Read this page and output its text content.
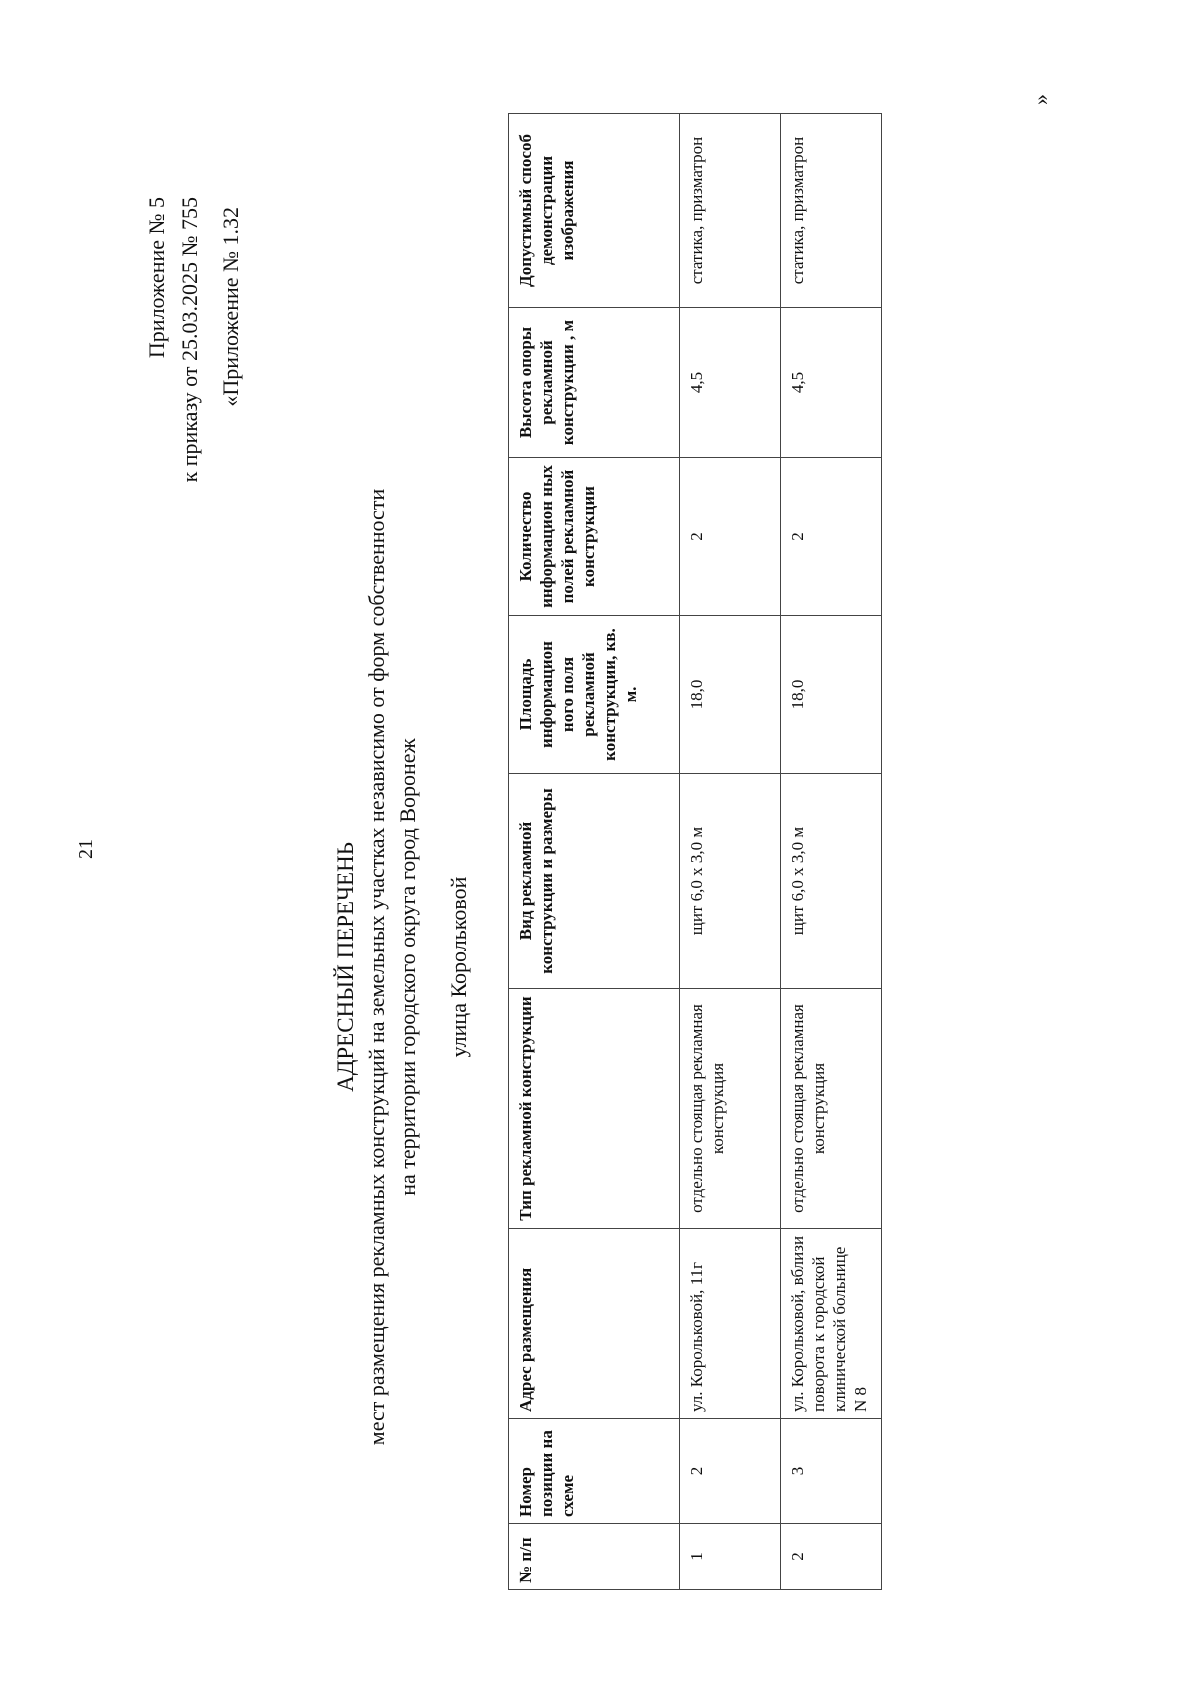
21
Приложение № 5 к приказу от 25.03.2025 № 755 «Приложение № 1.32
АДРЕСНЫЙ ПЕРЕЧЕНЬ мест размещения рекламных конструкций на земельных участках независимо от форм собственности на территории городского округа город Воронеж улица Корольковой
№ п/п	Номер позиции на схеме	Адрес размещения	Тип рекламной конструкции	Вид рекламной конструкции и размеры	Площадь информацион ного поля рекламной конструкции, кв. м.	Количество информацион ных полей рекламной конструкции	Высота опоры рекламной конструкции , м	Допустимый способ демонстрации изображения
1	2	ул. Корольковой, 11г	отдельно стоящая рекламная конструкция	щит 6,0 х 3,0 м	18,0	2	4,5	статика, призматрон
2	3	ул. Корольковой, вблизи поворота к городской клинической больнице N 8	отдельно стоящая рекламная конструкция	щит 6,0 х 3,0 м	18,0	2	4,5	статика, призматрон
»
